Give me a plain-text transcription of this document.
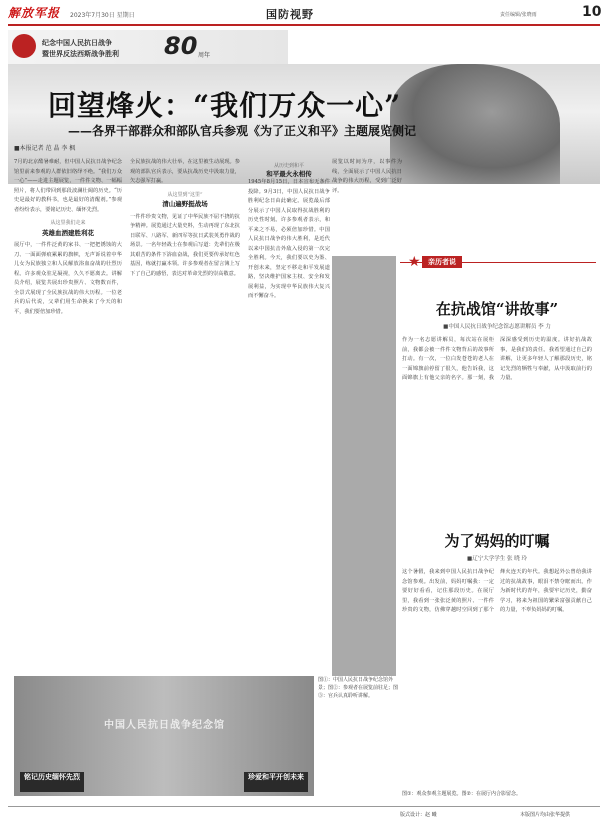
解放军报 2023年7月30日 星期日	国防视野	责任编辑/张晓雨	10
纪念中国人民抗日战争
暨世界反法西斯战争胜利 80 周年
回望烽火：“我们万众一心”
——各界干部群众和部队官兵参观《为了正义和平》主题展览侧记
■本报记者 范 晶 李 枫

7月的北京酷暑难耐，但中国人民抗日战争纪念馆里前来参观的人群依旧络绎不绝。“我们万众一心”——走进主题展览，一件件文物、一幅幅照片，将人们带回到那段波澜壮阔的历史。“历史是最好的教科书，也是最好的清醒剂。”参观者纷纷表示，要铭记历史、缅怀先烈。

从这里我们走来
英雄血洒建胜利花

展厅中，一件件泛黄的家书、一把把锈蚀的大刀、一面面弹痕累累的旗帜，无声诉说着中华儿女为民族独立和人民解放浴血奋战的壮烈历程。许多观众驻足凝视，久久不愿离去。讲解员介绍，展览共展出珍贵照片、文物数百件，全景式展现了全民族抗战的伟大历程。一位老兵的后代说，父辈们用生命换来了今天的和平，我们要倍加珍惜。

全民族抗战的伟大壮举，在这里被生动展现。参观的部队官兵表示，要从抗战历史中汲取力量，矢志强军打赢。

从这里到“这里”
清山遍野挺战场

一件件珍贵文物，见证了中华民族不屈不挠的抗争精神。展览通过大量史料，生动再现了东北抗日联军、八路军、新四军等抗日武装英勇作战的场景。一名年轻战士在参观后写道：先辈们在极其艰苦的条件下浴血奋战，我们更要传承好红色基因，练就打赢本领。许多参观者在留言簿上写下了自己的感悟，表达对革命先烈的崇高敬意。

从历史到和平
和平最火永相传

1945年8月15日，日本宣布无条件投降。9月3日，中国人民抗日战争胜利纪念日由此确定。展览最后部分展示了中国人民取得抗战胜利的历史性时刻。许多参观者表示，和平来之不易，必须倍加珍惜。中国人民抗日战争的伟大胜利，是近代以来中国抗击外敌入侵的第一次完全胜利。今天，我们要以史为鉴、开创未来，坚定不移走和平发展道路，坚决维护国家主权、安全和发展利益，为实现中华民族伟大复兴而不懈奋斗。

展览以时间为序，以事件为线，全面展示了中国人民抗日战争的伟大历程，受到广泛好评。

★	亲历者说
在抗战馆“讲故事”
■中国人民抗日战争纪念馆志愿讲解员 李 力
作为一名志愿讲解员，每次站在展柜前，我都会被一件件文物背后的故事所打动。有一次，一位白发苍苍的老人在一面锦旗前停留了很久，他告诉我，这面锦旗上有他父亲的名字。那一刻，我深深感受到历史的温度。讲好抗战故事，是我们的责任。我希望通过自己的讲解，让更多年轻人了解那段历史，铭记先烈的牺牲与奉献，从中汲取前行的力量。
为了妈妈的叮嘱
■辽宁大学学生 张 晓 玲
这个暑假，我来到中国人民抗日战争纪念馆参观。出发前，妈妈叮嘱我：一定要好好看看，记住那段历史。在展厅里，我看到一张张泛黄的照片、一件件珍贵的文物，仿佛穿越时空回到了那个烽火连天的年代。我想起外公曾给我讲过的抗战故事，眼泪不禁夺眶而出。作为新时代的青年，我要牢记历史，勤奋学习，将来为祖国的繁荣富强贡献自己的力量，不辜负妈妈的叮嘱。
中国人民抗日战争纪念馆
铭记历史缅怀先烈	珍爱和平开创未来
图①：中国人民抗日战争纪念馆外景；图②：参观者在展览前驻足；图③：官兵认真聆听讲解。
图①：观众参观主题展览。图②：在展厅内合影留念。
版式设计：赵 曦	本版图片均由张华提供
